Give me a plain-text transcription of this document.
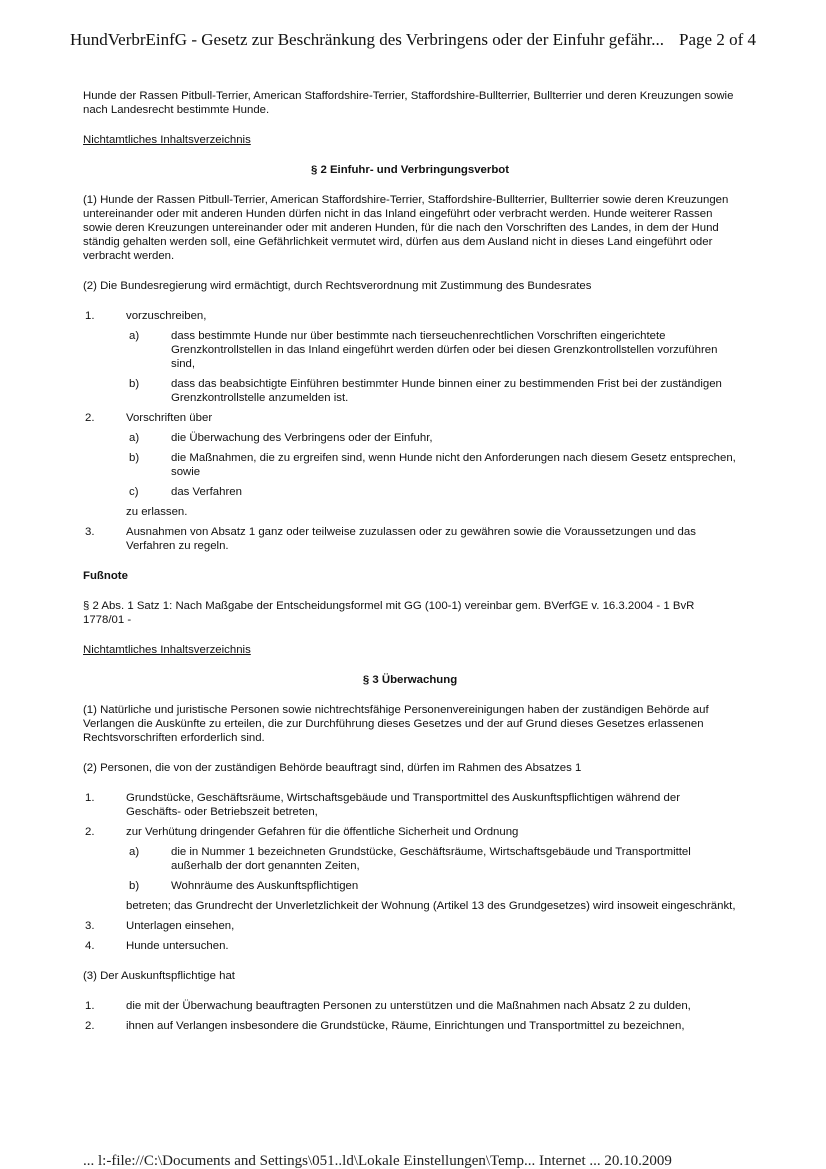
HundVerbrEinfG - Gesetz zur Beschränkung des Verbringens oder der Einfuhr gefähr... Page 2 of 4

Hunde der Rassen Pitbull-Terrier, American Staffordshire-Terrier, Staffordshire-Bullterrier, Bullterrier und deren Kreuzungen sowie nach Landesrecht bestimmte Hunde.

Nichtamtliches Inhaltsverzeichnis

§ 2 Einfuhr- und Verbringungsverbot

(1) Hunde der Rassen Pitbull-Terrier, American Staffordshire-Terrier, Staffordshire-Bullterrier, Bullterrier sowie deren Kreuzungen untereinander oder mit anderen Hunden dürfen nicht in das Inland eingeführt oder verbracht werden. Hunde weiterer Rassen sowie deren Kreuzungen untereinander oder mit anderen Hunden, für die nach den Vorschriften des Landes, in dem der Hund ständig gehalten werden soll, eine Gefährlichkeit vermutet wird, dürfen aus dem Ausland nicht in dieses Land eingeführt oder verbracht werden.

(2) Die Bundesregierung wird ermächtigt, durch Rechtsverordnung mit Zustimmung des Bundesrates

1.	vorzuschreiben,

a)	dass bestimmte Hunde nur über bestimmte nach tierseuchenrechtlichen Vorschriften eingerichtete Grenzkontrollstellen in das Inland eingeführt werden dürfen oder bei diesen Grenzkontrollstellen vorzuführen sind,

b)	dass das beabsichtigte Einführen bestimmter Hunde binnen einer zu bestimmenden Frist bei der zuständigen Grenzkontrollstelle anzumelden ist.

2.	Vorschriften über

a)	die Überwachung des Verbringens oder der Einfuhr,

b)	die Maßnahmen, die zu ergreifen sind, wenn Hunde nicht den Anforderungen nach diesem Gesetz entsprechen, sowie

c)	das Verfahren

zu erlassen.

3.	Ausnahmen von Absatz 1 ganz oder teilweise zuzulassen oder zu gewähren sowie die Voraussetzungen und das Verfahren zu regeln.

Fußnote

§ 2 Abs. 1 Satz 1: Nach Maßgabe der Entscheidungsformel mit GG (100-1) vereinbar gem. BVerfGE v. 16.3.2004 - 1 BvR 1778/01 -

Nichtamtliches Inhaltsverzeichnis

§ 3 Überwachung

(1) Natürliche und juristische Personen sowie nichtrechtsfähige Personenvereinigungen haben der zuständigen Behörde auf Verlangen die Auskünfte zu erteilen, die zur Durchführung dieses Gesetzes und der auf Grund dieses Gesetzes erlassenen Rechtsvorschriften erforderlich sind.

(2) Personen, die von der zuständigen Behörde beauftragt sind, dürfen im Rahmen des Absatzes 1

1.	Grundstücke, Geschäftsräume, Wirtschaftsgebäude und Transportmittel des Auskunftspflichtigen während der Geschäfts- oder Betriebszeit betreten,

2.	zur Verhütung dringender Gefahren für die öffentliche Sicherheit und Ordnung

a)	die in Nummer 1 bezeichneten Grundstücke, Geschäftsräume, Wirtschaftsgebäude und Transportmittel außerhalb der dort genannten Zeiten,

b)	Wohnräume des Auskunftspflichtigen

betreten; das Grundrecht der Unverletzlichkeit der Wohnung (Artikel 13 des Grundgesetzes) wird insoweit eingeschränkt,

3.	Unterlagen einsehen,

4.	Hunde untersuchen.

(3) Der Auskunftspflichtige hat

1.	die mit der Überwachung beauftragten Personen zu unterstützen und die Maßnahmen nach Absatz 2 zu dulden,

2.	ihnen auf Verlangen insbesondere die Grundstücke, Räume, Einrichtungen und Transportmittel zu bezeichnen,

... l:-file://C:\Documents and Settings\051..ld\Lokale Einstellungen\Temp... Internet ... 20.10.2009
